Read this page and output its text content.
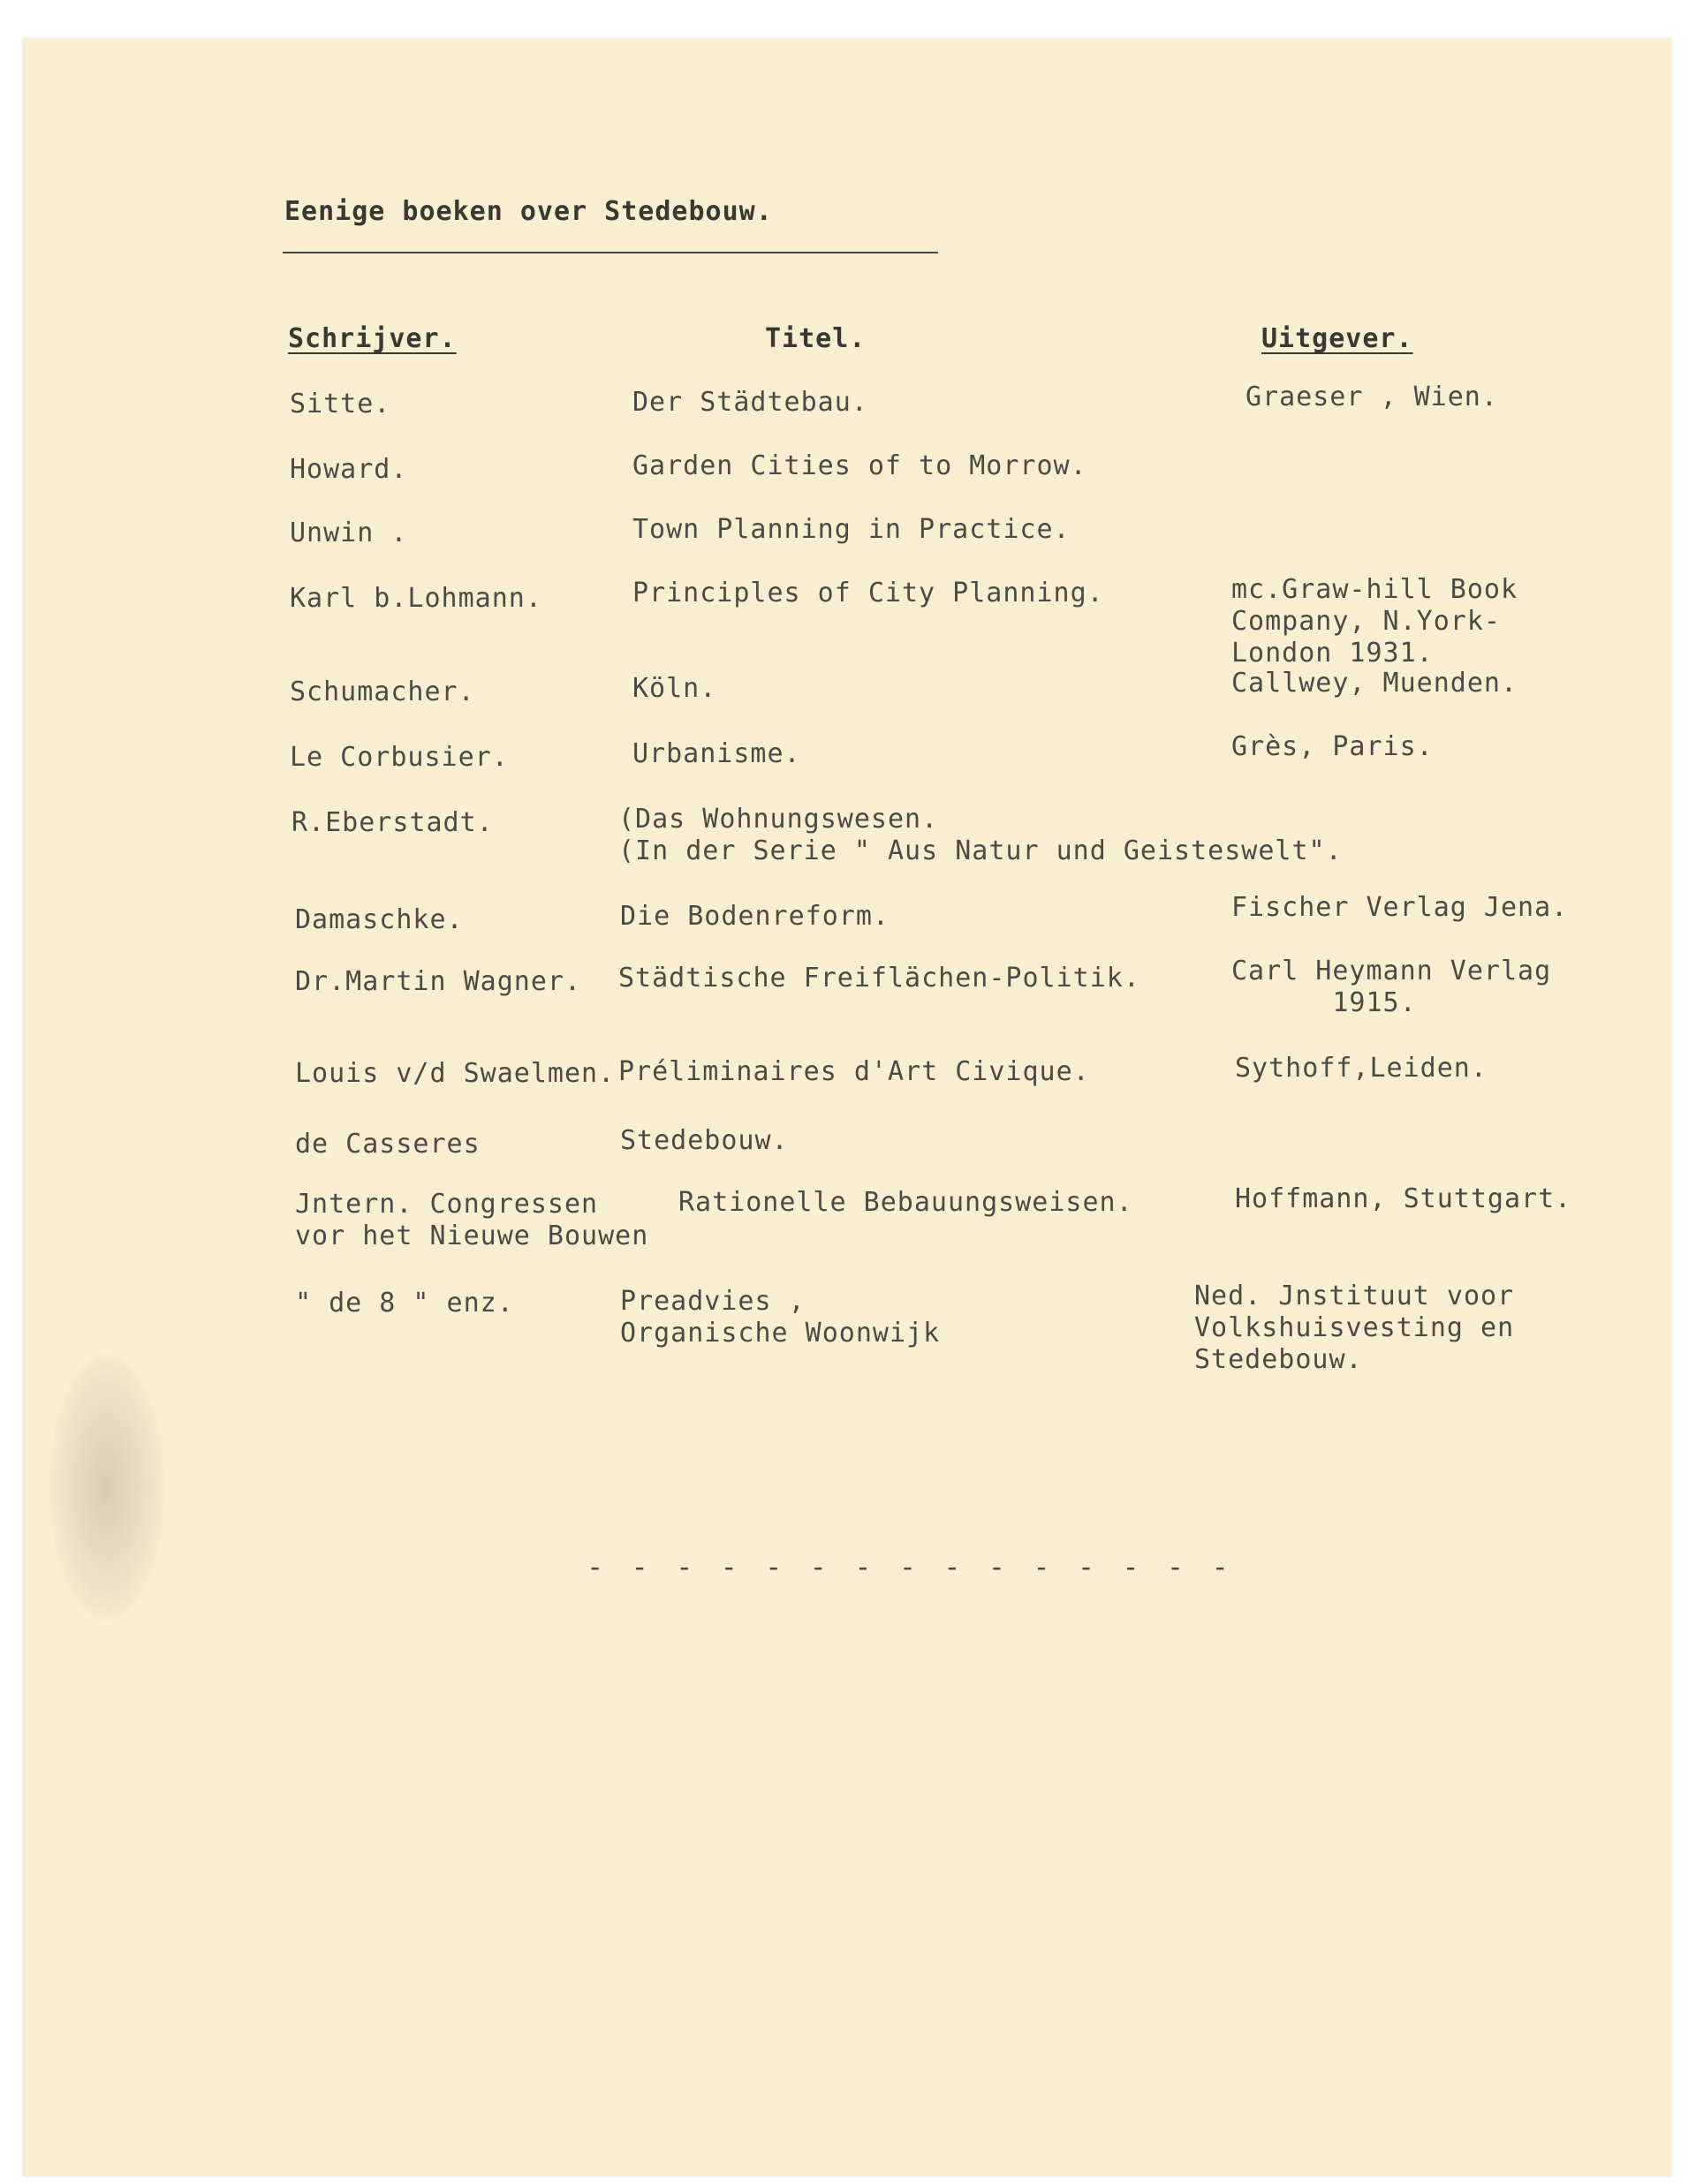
Eenige boeken over Stedebouw.
Schrijver.	Titel.	Uitgever.
Sitte.	Der Städtebau.	Graeser , Wien.
Howard.	Garden Cities of to Morrow.
Unwin .	Town Planning in Practice.
Karl b.Lohmann.	Principles of City Planning.	mc.Graw-hill Book
Company, N.York-
London 1931.
Schumacher.	Köln.	Callwey, Muenden.
Le Corbusier.	Urbanisme.	Grès, Paris.
R.Eberstadt.	(Das Wohnungswesen.
(In der Serie " Aus Natur und Geisteswelt".
Damaschke.	Die Bodenreform.	Fischer Verlag Jena.
Dr.Martin Wagner. Städtische Freiflächen-Politik.	Carl Heymann Verlag
1915.
Louis v/d Swaelmen. Préliminaires d'Art Civique.	Sythoff,Leiden.
de Casseres	Stedebouw.
Jntern. Congressen
vor het Nieuwe Bouwen
Rationelle Bebauungsweisen.	Hoffmann, Stuttgart.
" de 8 " enz.	Preadvies ,
Organische Woonwijk
Ned. Jnstituut voor
Volkshuisvesting en
Stedebouw.
- - - - - - - - - - - - - - -
